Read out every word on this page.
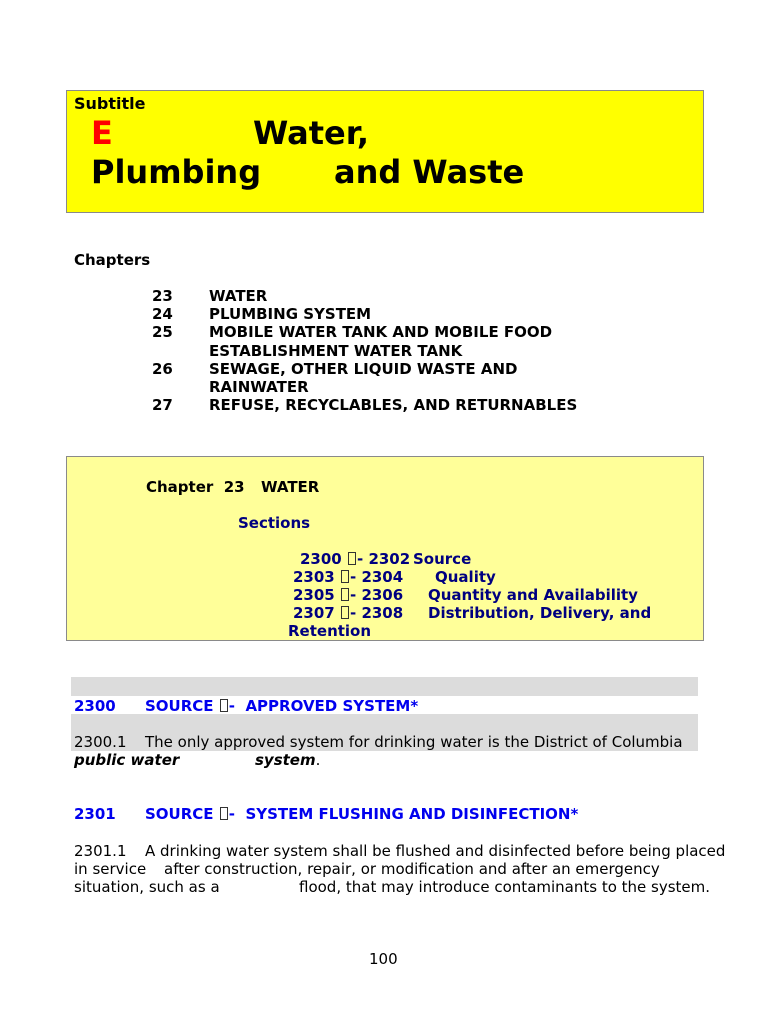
Subtitle
E	Water,
Plumbing and Waste
Chapters
23 WATER
24 PLUMBING SYSTEM
25 MOBILE WATER TANK AND MOBILE FOOD
ESTABLISHMENT WATER TANK
26 SEWAGE, OTHER LIQUID WASTE AND
RAINWATER
27 REFUSE, RECYCLABLES, AND RETURNABLES
Chapter 23 WATER
Sections
2300 - 2302 Source
2303 - 2304 Quality
2305 - 2306 Quantity and Availability
2307 - 2308 Distribution, Delivery, and
Retention
2300 SOURCE -  APPROVED SYSTEM*
2300.1 The only approved system for drinking water is the District of Columbia
public water	system.
2301 SOURCE -  SYSTEM FLUSHING AND DISINFECTION*
2301.1 A drinking water system shall be flushed and disinfected before being placed
in service after construction, repair, or modification and after an emergency
situation, such as a	flood, that may introduce contaminants to the system.
100
